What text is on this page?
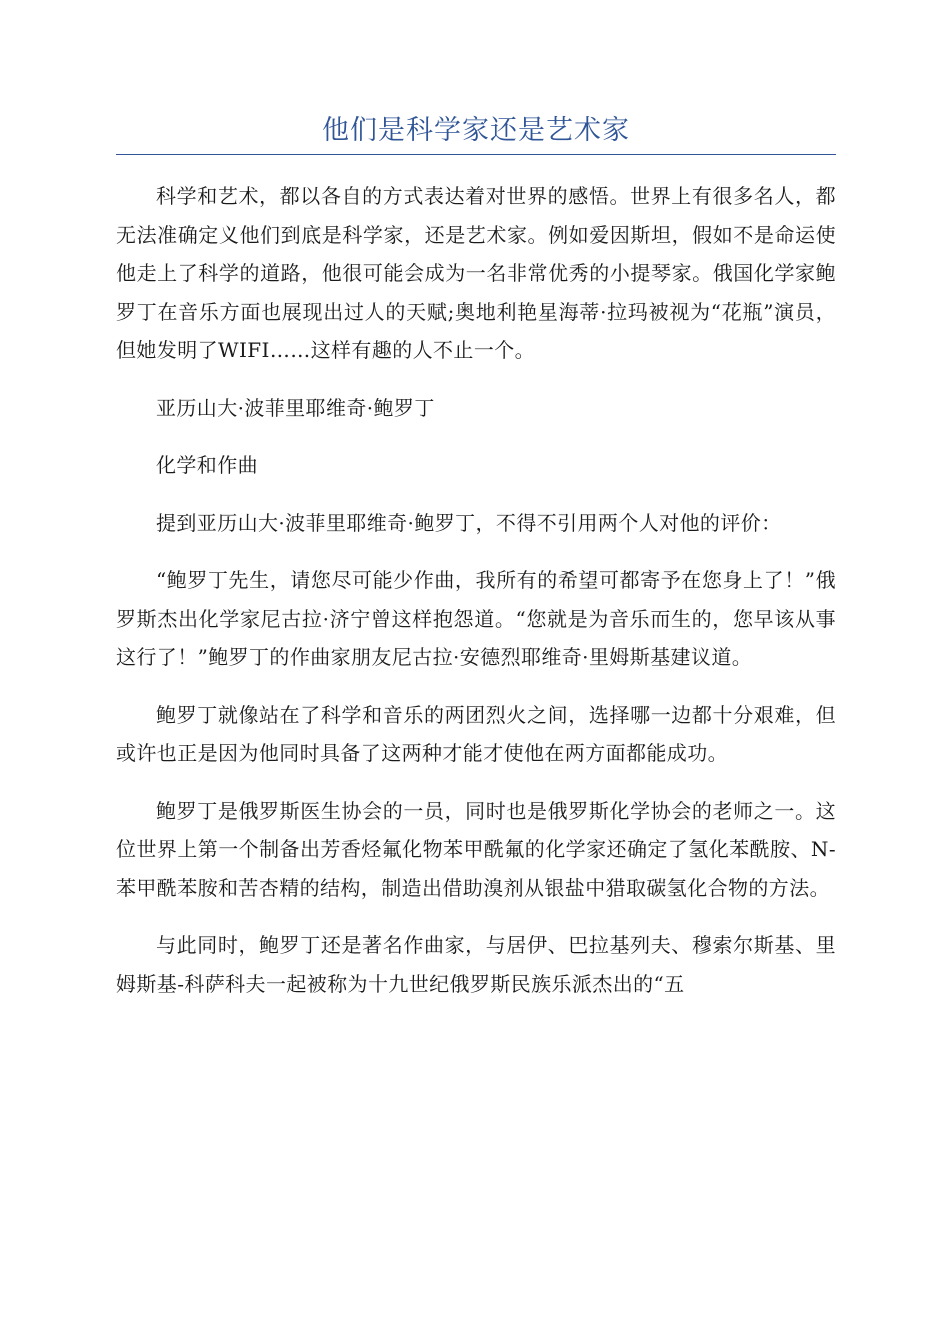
他们是科学家还是艺术家

科学和艺术，都以各自的方式表达着对世界的感悟。世界上有很多名人，都无法准确定义他们到底是科学家，还是艺术家。例如爱因斯坦，假如不是命运使他走上了科学的道路，他很可能会成为一名非常优秀的小提琴家。俄国化学家鲍罗丁在音乐方面也展现出过人的天赋;奥地利艳星海蒂·拉玛被视为“花瓶”演员，但她发明了WIFI……这样有趣的人不止一个。

亚历山大·波菲里耶维奇·鲍罗丁

化学和作曲

提到亚历山大·波菲里耶维奇·鲍罗丁，不得不引用两个人对他的评价：

“鲍罗丁先生，请您尽可能少作曲，我所有的希望可都寄予在您身上了！”俄罗斯杰出化学家尼古拉·济宁曾这样抱怨道。“您就是为音乐而生的，您早该从事这行了！”鲍罗丁的作曲家朋友尼古拉·安德烈耶维奇·里姆斯基建议道。

鲍罗丁就像站在了科学和音乐的两团烈火之间，选择哪一边都十分艰难，但或许也正是因为他同时具备了这两种才能才使他在两方面都能成功。

鲍罗丁是俄罗斯医生协会的一员，同时也是俄罗斯化学协会的老师之一。这位世界上第一个制备出芳香烃氟化物苯甲酰氟的化学家还确定了氢化苯酰胺、N-苯甲酰苯胺和苦杏精的结构，制造出借助溴剂从银盐中猎取碳氢化合物的方法。

与此同时，鲍罗丁还是著名作曲家，与居伊、巴拉基列夫、穆索尔斯基、里姆斯基-科萨科夫一起被称为十九世纪俄罗斯民族乐派杰出的“五
